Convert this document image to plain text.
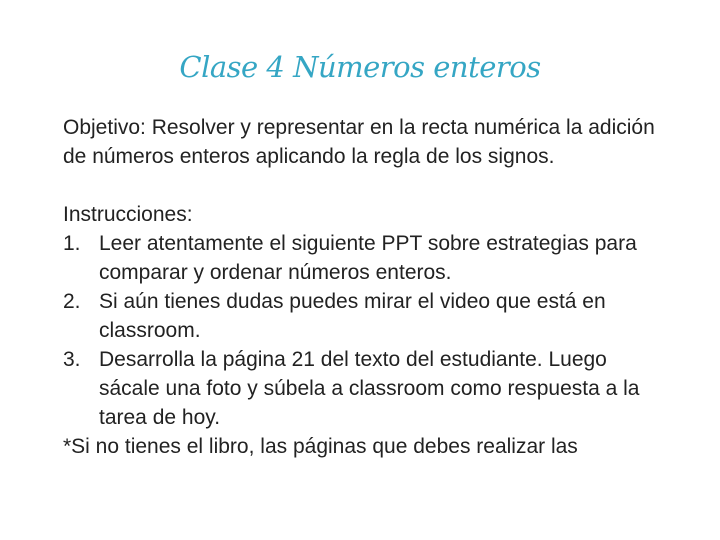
Clase 4 Números enteros

Objetivo: Resolver y representar en la recta numérica la adición de números enteros aplicando la regla de los signos.

Instrucciones:

1. Leer atentamente el siguiente PPT sobre estrategias para comparar y ordenar números enteros.
2. Si aún tienes dudas puedes mirar el video que está en classroom.
3. Desarrolla la página 21 del texto del estudiante. Luego sácale una foto y súbela a classroom como respuesta a la tarea de hoy.

*Si no tienes el libro, las páginas que debes realizar las
